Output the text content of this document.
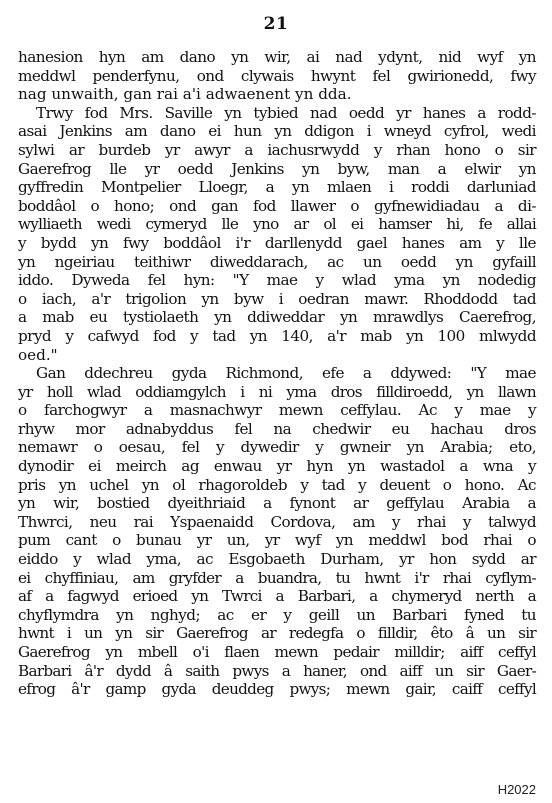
21
hanesion hyn am dano yn wir, ai nad ydynt, nid wyf yn
meddwl penderfynu, ond clywais hwynt fel gwirionedd, fwy
nag unwaith, gan rai a'i adwaenent yn dda.
Trwy fod Mrs. Saville yn tybied nad oedd yr hanes a rodd-
asai Jenkins am dano ei hun yn ddigon i wneyd cyfrol, wedi
sylwi ar burdeb yr awyr a iachusrwydd y rhan hono o sir
Gaerefrog lle yr oedd Jenkins yn byw, man a elwir yn
gyffredin Montpelier Lloegr, a yn mlaen i roddi darluniad
boddâol o hono; ond gan fod llawer o gyfnewidiadau a di-
wylliaeth wedi cymeryd lle yno ar ol ei hamser hi, fe allai
y bydd yn fwy boddâol i'r darllenydd gael hanes am y lle
yn ngeiriau teithiwr diweddarach, ac un oedd yn gyfaill
iddo. Dyweda fel hyn: "Y mae y wlad yma yn nodedig
o iach, a'r trigolion yn byw i oedran mawr. Rhoddodd tad
a mab eu tystiolaeth yn ddiweddar yn mrawdlys Caerefrog,
pryd y cafwyd fod y tad yn 140, a'r mab yn 100 mlwydd
oed."
Gan ddechreu gyda Richmond, efe a ddywed: "Y mae
yr holl wlad oddiamgylch i ni yma dros filldiroedd, yn llawn
o farchogwyr a masnachwyr mewn ceffylau. Ac y mae y
rhyw mor adnabyddus fel na chedwir eu hachau dros
nemawr o oesau, fel y dywedir y gwneir yn Arabia; eto,
dynodir ei meirch ag enwau yr hyn yn wastadol a wna y
pris yn uchel yn ol rhagoroldeb y tad y deuent o hono. Ac
yn wir, bostied dyeithriaid a fynont ar geffylau Arabia a
Thwrci, neu rai Yspaenaidd Cordova, am y rhai y talwyd
pum cant o bunau yr un, yr wyf yn meddwl bod rhai o
eiddo y wlad yma, ac Esgobaeth Durham, yr hon sydd ar
ei chyffiniau, am gryfder a buandra, tu hwnt i'r rhai cyflym-
af a fagwyd erioed yn Twrci a Barbari, a chymeryd nerth a
chyflymdra yn nghyd; ac er y geill un Barbari fyned tu
hwnt i un yn sir Gaerefrog ar redegfa o filldir, êto â un sir
Gaerefrog yn mbell o'i flaen mewn pedair milldir; aiff ceffyl
Barbari â'r dydd â saith pwys a haner, ond aiff un sir Gaer-
efrog â'r gamp gyda deuddeg pwys; mewn gair, caiff ceffyl
H2022
